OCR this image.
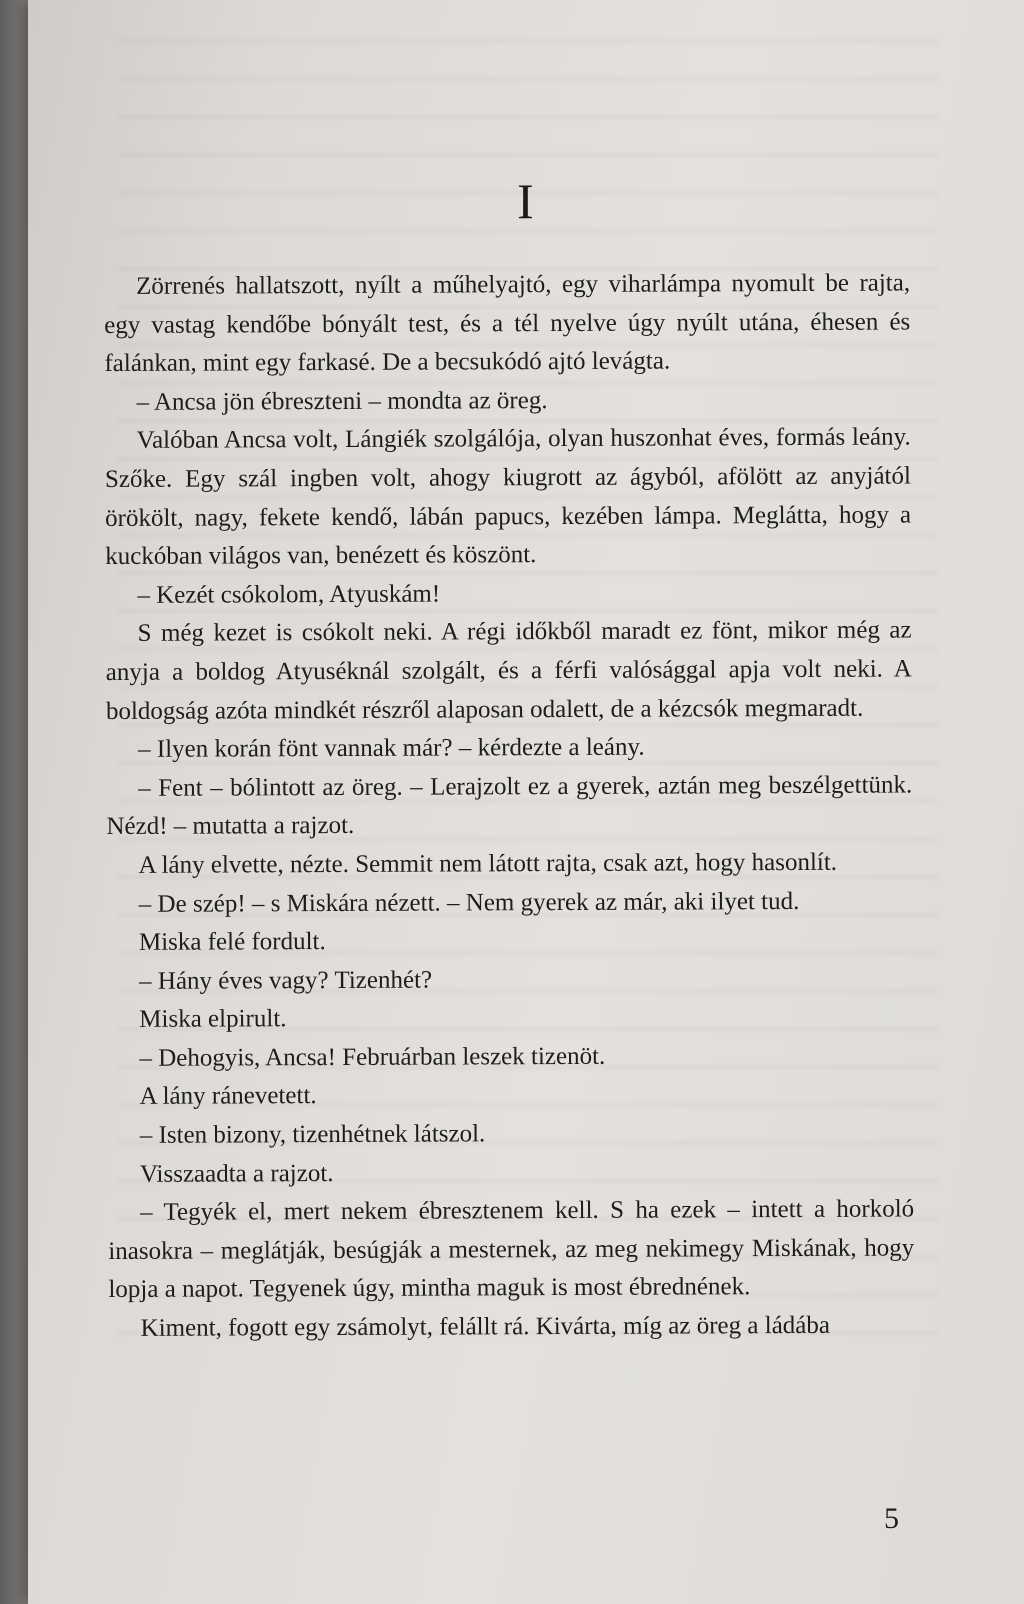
I

Zörrenés hallatszott, nyílt a műhelyajtó, egy viharlámpa nyomult be rajta, egy vastag kendőbe bónyált test, és a tél nyelve úgy nyúlt utána, éhesen és falánkan, mint egy farkasé. De a becsukódó ajtó levágta.

– Ancsa jön ébreszteni – mondta az öreg.

Valóban Ancsa volt, Lángiék szolgálója, olyan huszonhat éves, formás leány. Szőke. Egy szál ingben volt, ahogy kiugrott az ágyból, afölött az anyjától örökölt, nagy, fekete kendő, lábán papucs, kezében lámpa. Meglátta, hogy a kuckóban világos van, benézett és köszönt.

– Kezét csókolom, Atyuskám!

S még kezet is csókolt neki. A régi időkből maradt ez fönt, mikor még az anyja a boldog Atyuséknál szolgált, és a férfi valósággal apja volt neki. A boldogság azóta mindkét részről alaposan odalett, de a kézcsók megmaradt.

– Ilyen korán fönt vannak már? – kérdezte a leány.

– Fent – bólintott az öreg. – Lerajzolt ez a gyerek, aztán meg beszélgettünk. Nézd! – mutatta a rajzot.

A lány elvette, nézte. Semmit nem látott rajta, csak azt, hogy hasonlít.

– De szép! – s Miskára nézett. – Nem gyerek az már, aki ilyet tud.

Miska felé fordult.

– Hány éves vagy? Tizenhét?

Miska elpirult.

– Dehogyis, Ancsa! Februárban leszek tizenöt.

A lány ránevetett.

– Isten bizony, tizenhétnek látszol.

Visszaadta a rajzot.

– Tegyék el, mert nekem ébresztenem kell. S ha ezek – intett a horkoló inasokra – meglátják, besúgják a mesternek, az meg nekimegy Miskának, hogy lopja a napot. Tegyenek úgy, mintha maguk is most ébrednének.

Kiment, fogott egy zsámolyt, felállt rá. Kivárta, míg az öreg a ládába

5
